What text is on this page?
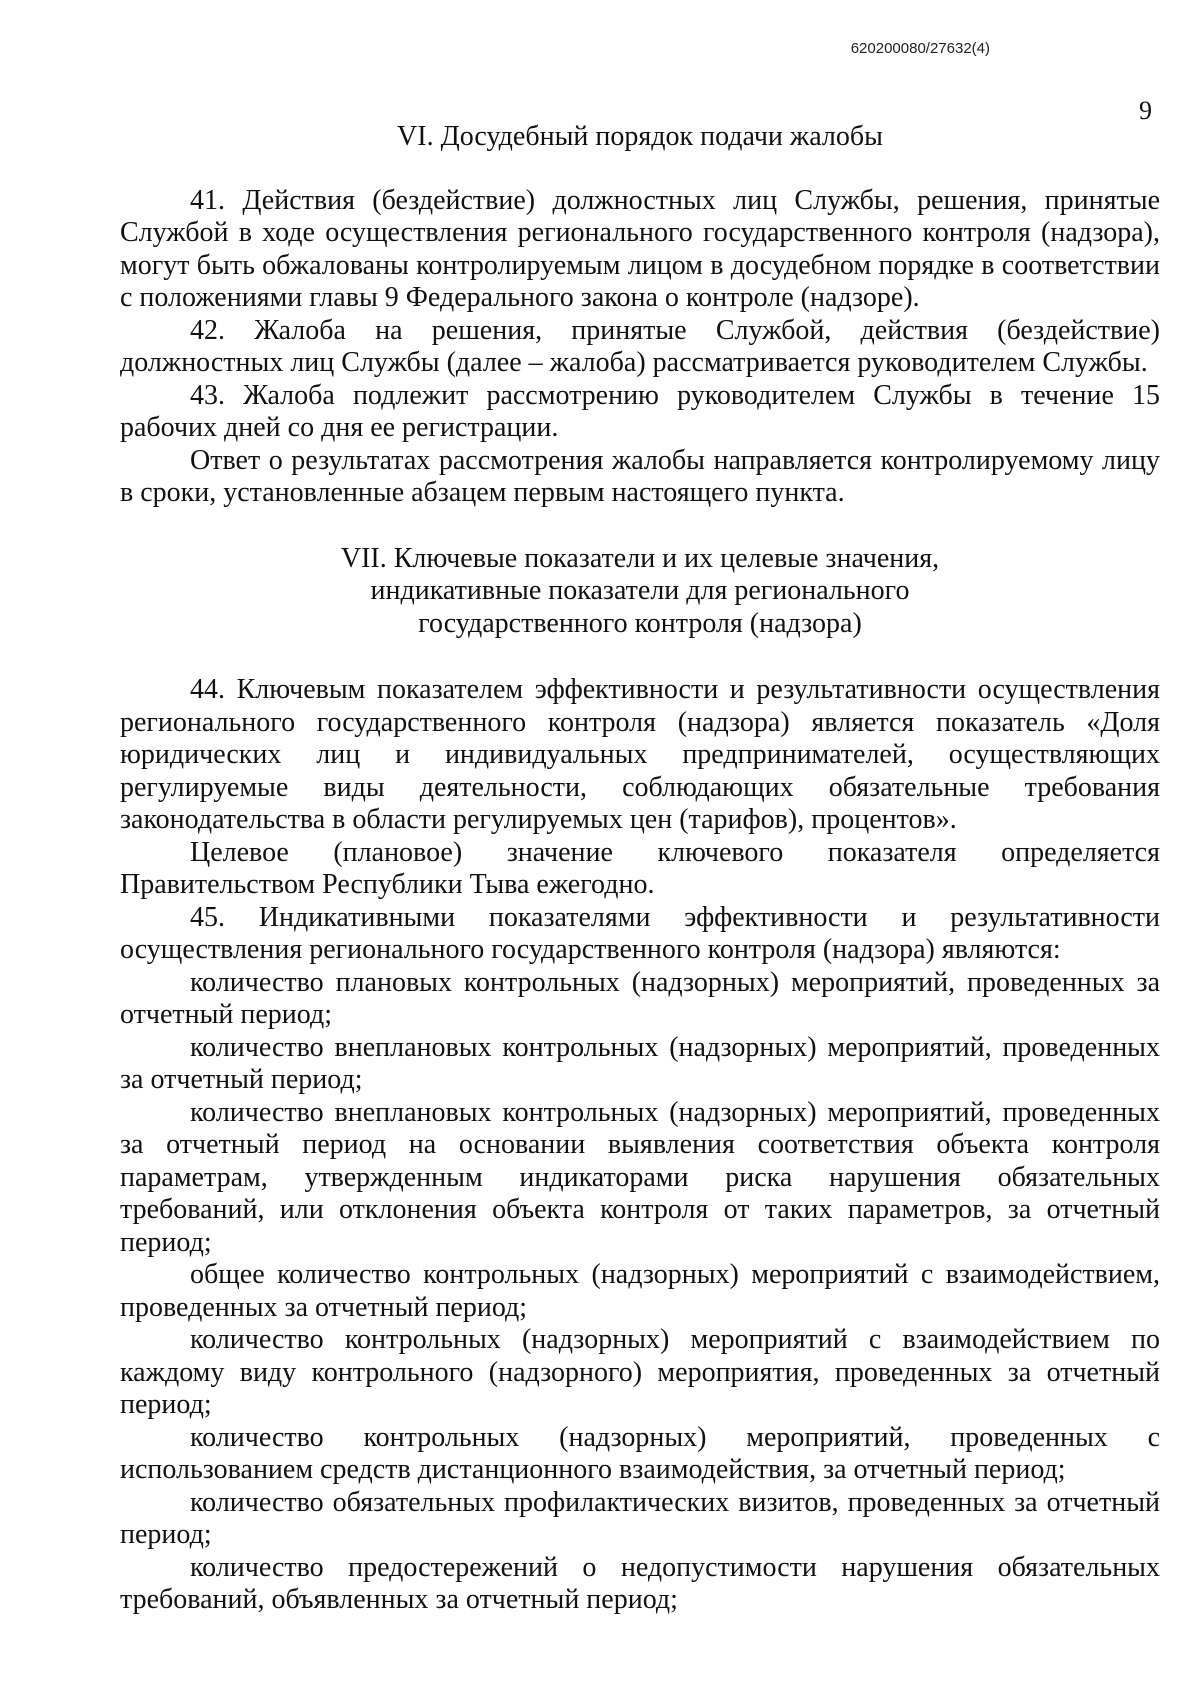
620200080/27632(4)
9
VI. Досудебный порядок подачи жалобы

41. Действия (бездействие) должностных лиц Службы, решения, принятые Службой в ходе осуществления регионального государственного контроля (надзора), могут быть обжалованы контролируемым лицом в досудебном порядке в соответствии с положениями главы 9 Федерального закона о контроле (надзоре).

42. Жалоба на решения, принятые Службой, действия (бездействие) должностных лиц Службы (далее – жалоба) рассматривается руководителем Службы.

43. Жалоба подлежит рассмотрению руководителем Службы в течение 15 рабочих дней со дня ее регистрации.

Ответ о результатах рассмотрения жалобы направляется контролируемому лицу в сроки, установленные абзацем первым настоящего пункта.

VII. Ключевые показатели и их целевые значения,
индикативные показатели для регионального
государственного контроля (надзора)

44. Ключевым показателем эффективности и результативности осуществления регионального государственного контроля (надзора) является показатель «Доля юридических лиц и индивидуальных предпринимателей, осуществляющих регулируемые виды деятельности, соблюдающих обязательные требования законодательства в области регулируемых цен (тарифов), процентов».

Целевое (плановое) значение ключевого показателя определяется Правительством Республики Тыва ежегодно.

45. Индикативными показателями эффективности и результативности осуществления регионального государственного контроля (надзора) являются:

количество плановых контрольных (надзорных) мероприятий, проведенных за отчетный период;

количество внеплановых контрольных (надзорных) мероприятий, проведенных за отчетный период;

количество внеплановых контрольных (надзорных) мероприятий, проведенных за отчетный период на основании выявления соответствия объекта контроля параметрам, утвержденным индикаторами риска нарушения обязательных требований, или отклонения объекта контроля от таких параметров, за отчетный период;

общее количество контрольных (надзорных) мероприятий с взаимодействием, проведенных за отчетный период;

количество контрольных (надзорных) мероприятий с взаимодействием по каждому виду контрольного (надзорного) мероприятия, проведенных за отчетный период;

количество контрольных (надзорных) мероприятий, проведенных с использованием средств дистанционного взаимодействия, за отчетный период;

количество обязательных профилактических визитов, проведенных за отчетный период;

количество предостережений о недопустимости нарушения обязательных требований, объявленных за отчетный период;
